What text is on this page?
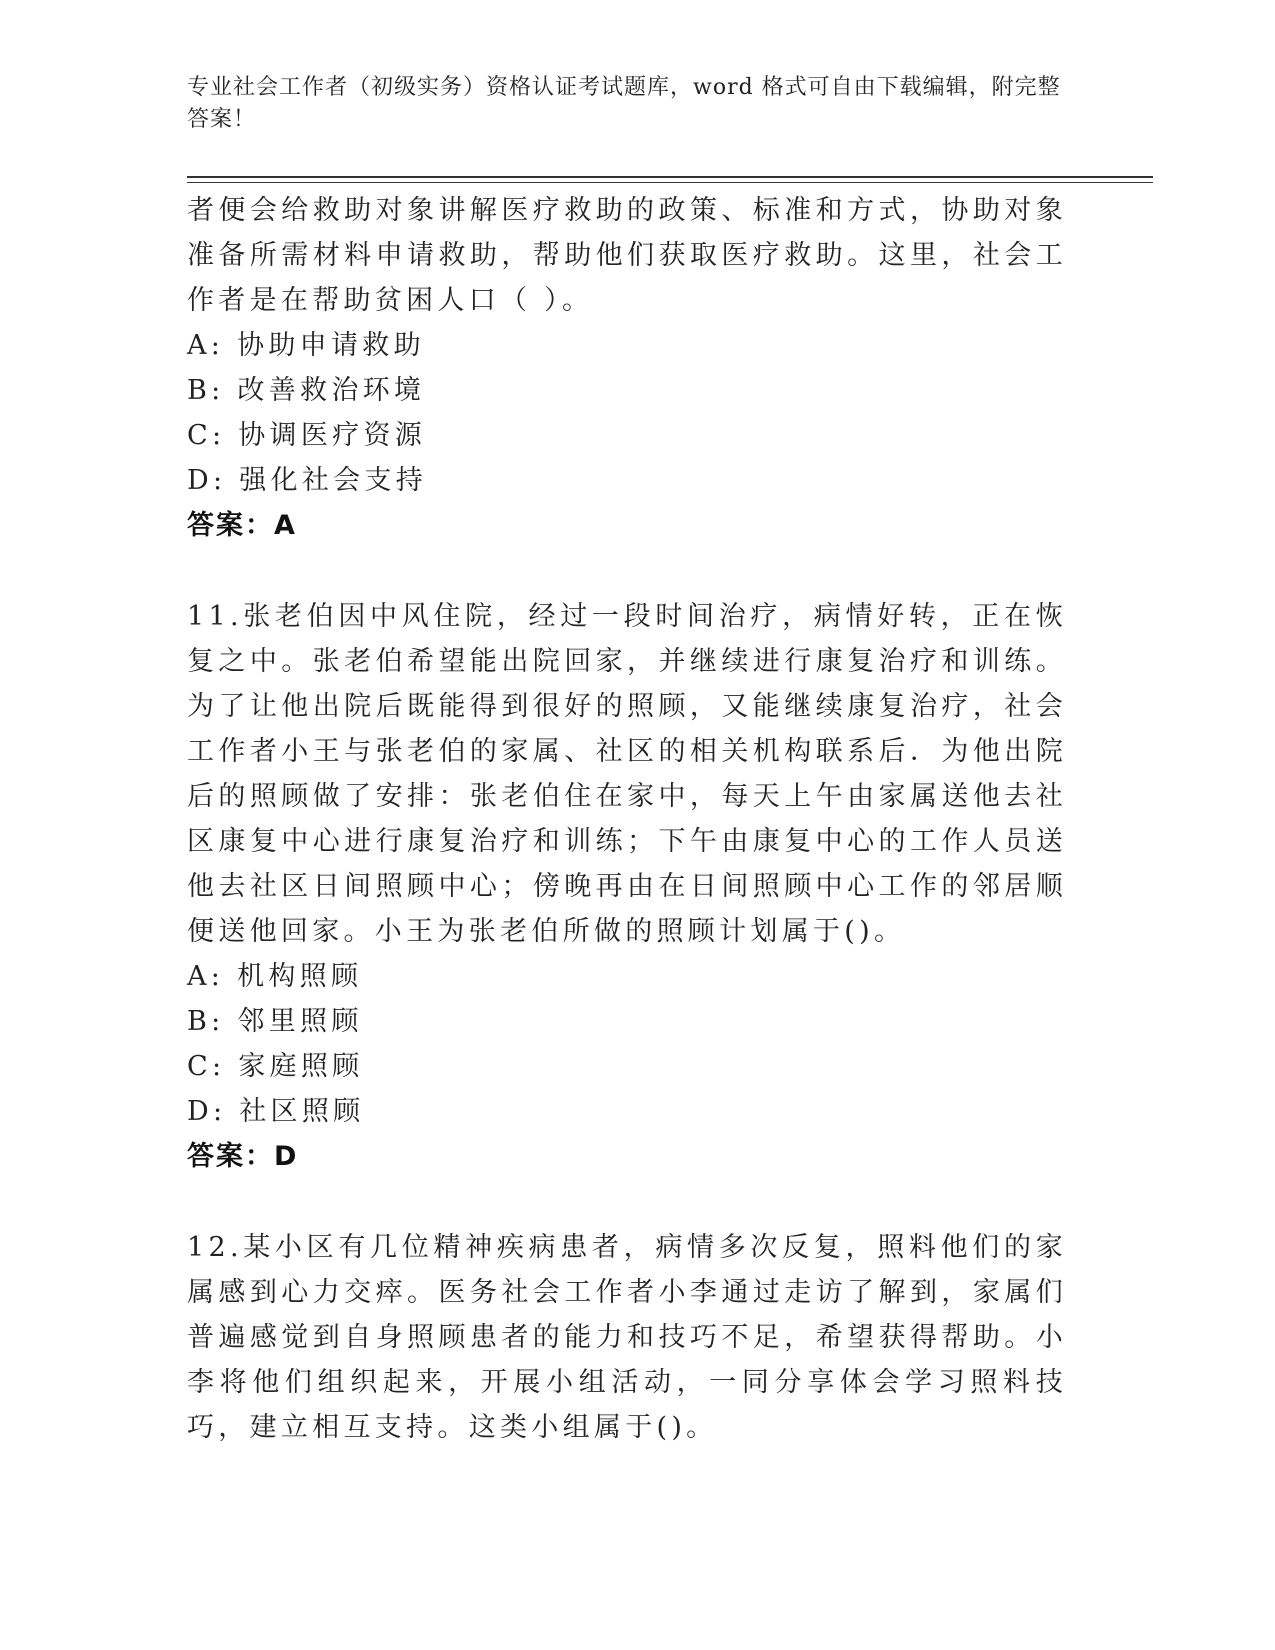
专业社会工作者（初级实务）资格认证考试题库，word 格式可自由下载编辑，附完整答案！

者便会给救助对象讲解医疗救助的政策、标准和方式，协助对象准备所需材料申请救助，帮助他们获取医疗救助。这里，社会工作者是在帮助贫困人口（ ）。

A: 协助申请救助

B: 改善救治环境

C: 协调医疗资源

D: 强化社会支持

答案：A

11.张老伯因中风住院，经过一段时间治疗，病情好转，正在恢复之中。张老伯希望能出院回家，并继续进行康复治疗和训练。为了让他出院后既能得到很好的照顾，又能继续康复治疗，社会工作者小王与张老伯的家属、社区的相关机构联系后．为他出院后的照顾做了安排：张老伯住在家中，每天上午由家属送他去社区康复中心进行康复治疗和训练；下午由康复中心的工作人员送他去社区日间照顾中心；傍晚再由在日间照顾中心工作的邻居顺便送他回家。小王为张老伯所做的照顾计划属于()。

A: 机构照顾

B: 邻里照顾

C: 家庭照顾

D: 社区照顾

答案：D

12.某小区有几位精神疾病患者，病情多次反复，照料他们的家属感到心力交瘁。医务社会工作者小李通过走访了解到，家属们普遍感觉到自身照顾患者的能力和技巧不足，希望获得帮助。小李将他们组织起来，开展小组活动，一同分享体会学习照料技巧，建立相互支持。这类小组属于()。
